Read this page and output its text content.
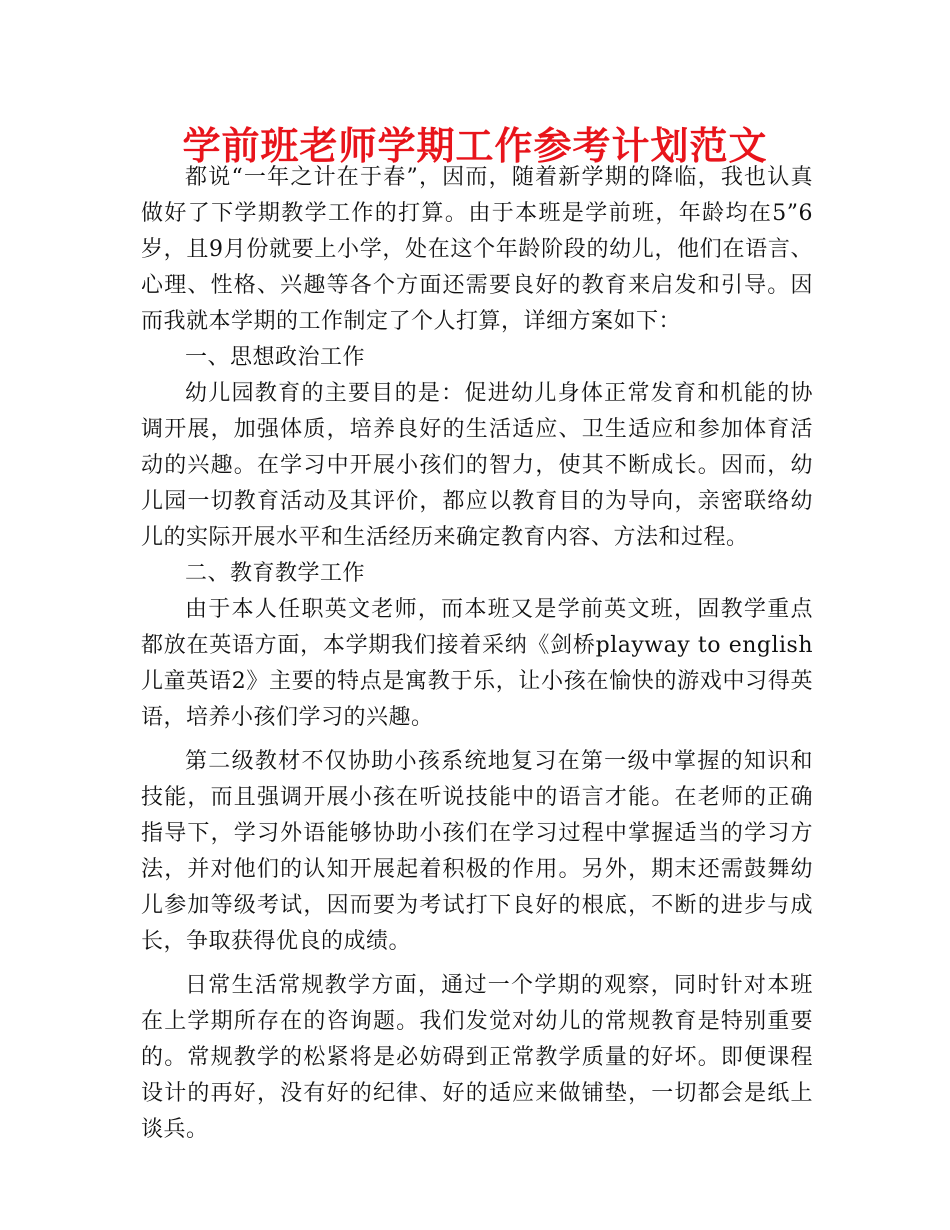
学前班老师学期工作参考计划范文

都说“一年之计在于春”，因而，随着新学期的降临，我也认真做好了下学期教学工作的打算。由于本班是学前班，年龄均在5”6岁，且9月份就要上小学，处在这个年龄阶段的幼儿，他们在语言、心理、性格、兴趣等各个方面还需要良好的教育来启发和引导。因而我就本学期的工作制定了个人打算，详细方案如下：

一、思想政治工作

幼儿园教育的主要目的是：促进幼儿身体正常发育和机能的协调开展，加强体质，培养良好的生活适应、卫生适应和参加体育活动的兴趣。在学习中开展小孩们的智力，使其不断成长。因而，幼儿园一切教育活动及其评价，都应以教育目的为导向，亲密联络幼儿的实际开展水平和生活经历来确定教育内容、方法和过程。

二、教育教学工作

由于本人任职英文老师，而本班又是学前英文班，固教学重点都放在英语方面，本学期我们接着采纳《剑桥playway to english儿童英语2》主要的特点是寓教于乐，让小孩在愉快的游戏中习得英语，培养小孩们学习的兴趣。

第二级教材不仅协助小孩系统地复习在第一级中掌握的知识和技能，而且强调开展小孩在听说技能中的语言才能。在老师的正确指导下，学习外语能够协助小孩们在学习过程中掌握适当的学习方法，并对他们的认知开展起着积极的作用。另外，期末还需鼓舞幼儿参加等级考试，因而要为考试打下良好的根底，不断的进步与成长，争取获得优良的成绩。

日常生活常规教学方面，通过一个学期的观察，同时针对本班在上学期所存在的咨询题。我们发觉对幼儿的常规教育是特别重要的。常规教学的松紧将是必妨碍到正常教学质量的好坏。即便课程设计的再好，没有好的纪律、好的适应来做铺垫，一切都会是纸上谈兵。
